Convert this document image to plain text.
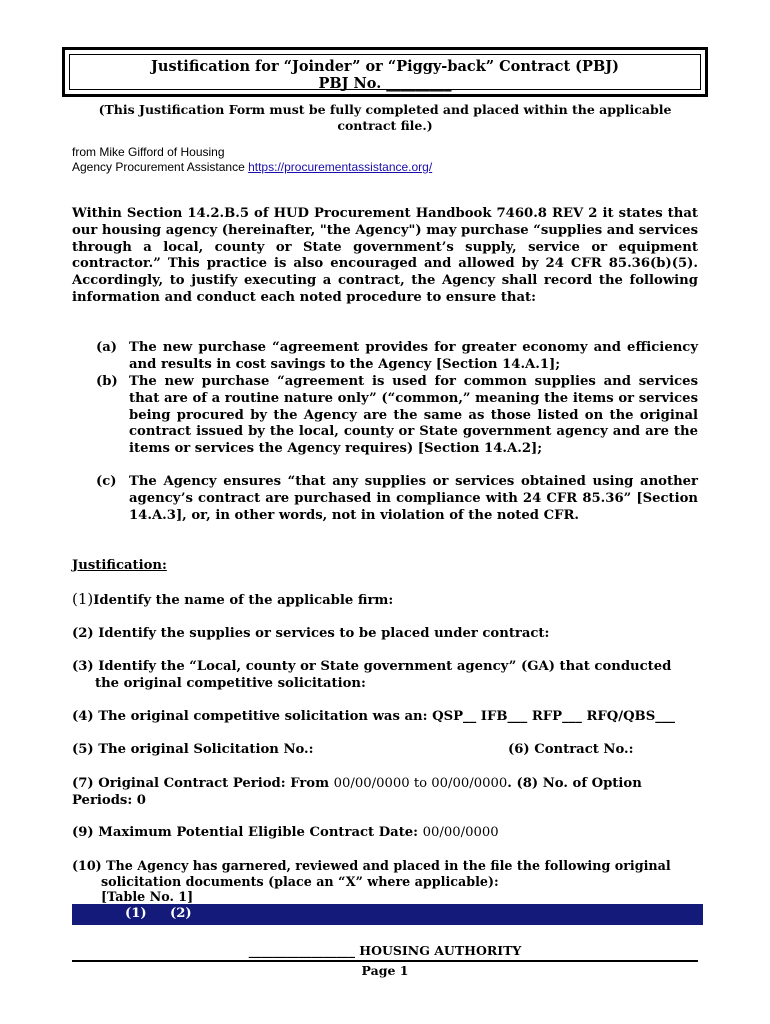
Justification for “Joinder” or “Piggy-back” Contract (PBJ)
PBJ No. _________
(This Justification Form must be fully completed and placed within the applicable
contract file.)
from Mike Gifford of Housing
Agency Procurement Assistance https://procurementassistance.org/
Within Section 14.2.B.5 of HUD Procurement Handbook 7460.8 REV 2 it states that our housing agency (hereinafter, "the Agency") may purchase “supplies and services through a local, county or State government’s supply, service or equipment contractor.” This practice is also encouraged and allowed by 24 CFR 85.36(b)(5). Accordingly, to justify executing a contract, the Agency shall record the following information and conduct each noted procedure to ensure that:
(a) The new purchase “agreement provides for greater economy and efficiency and results in cost savings to the Agency [Section 14.A.1];
(b) The new purchase “agreement is used for common supplies and services that are of a routine nature only” (“common,” meaning the items or services being procured by the Agency are the same as those listed on the original contract issued by the local, county or State government agency and are the items or services the Agency requires) [Section 14.A.2];
(c) The Agency ensures “that any supplies or services obtained using another agency’s contract are purchased in compliance with 24 CFR 85.36” [Section 14.A.3], or, in other words, not in violation of the noted CFR.
Justification:
(1)Identify the name of the applicable firm:
(2) Identify the supplies or services to be placed under contract:
(3) Identify the “Local, county or State government agency” (GA) that conducted
the original competitive solicitation:
(4) The original competitive solicitation was an: QSP__ IFB___ RFP___ RFQ/QBS___
(5) The original Solicitation No.:	(6) Contract No.:
(7) Original Contract Period: From 00/00/0000 to 00/00/0000. (8) No. of Option
Periods: 0
(9) Maximum Potential Eligible Contract Date: 00/00/0000
(10) The Agency has garnered, reviewed and placed in the file the following original
solicitation documents (place an “X” where applicable):
[Table No. 1]
(1) (2)
_________________ HOUSING AUTHORITY
Page 1
